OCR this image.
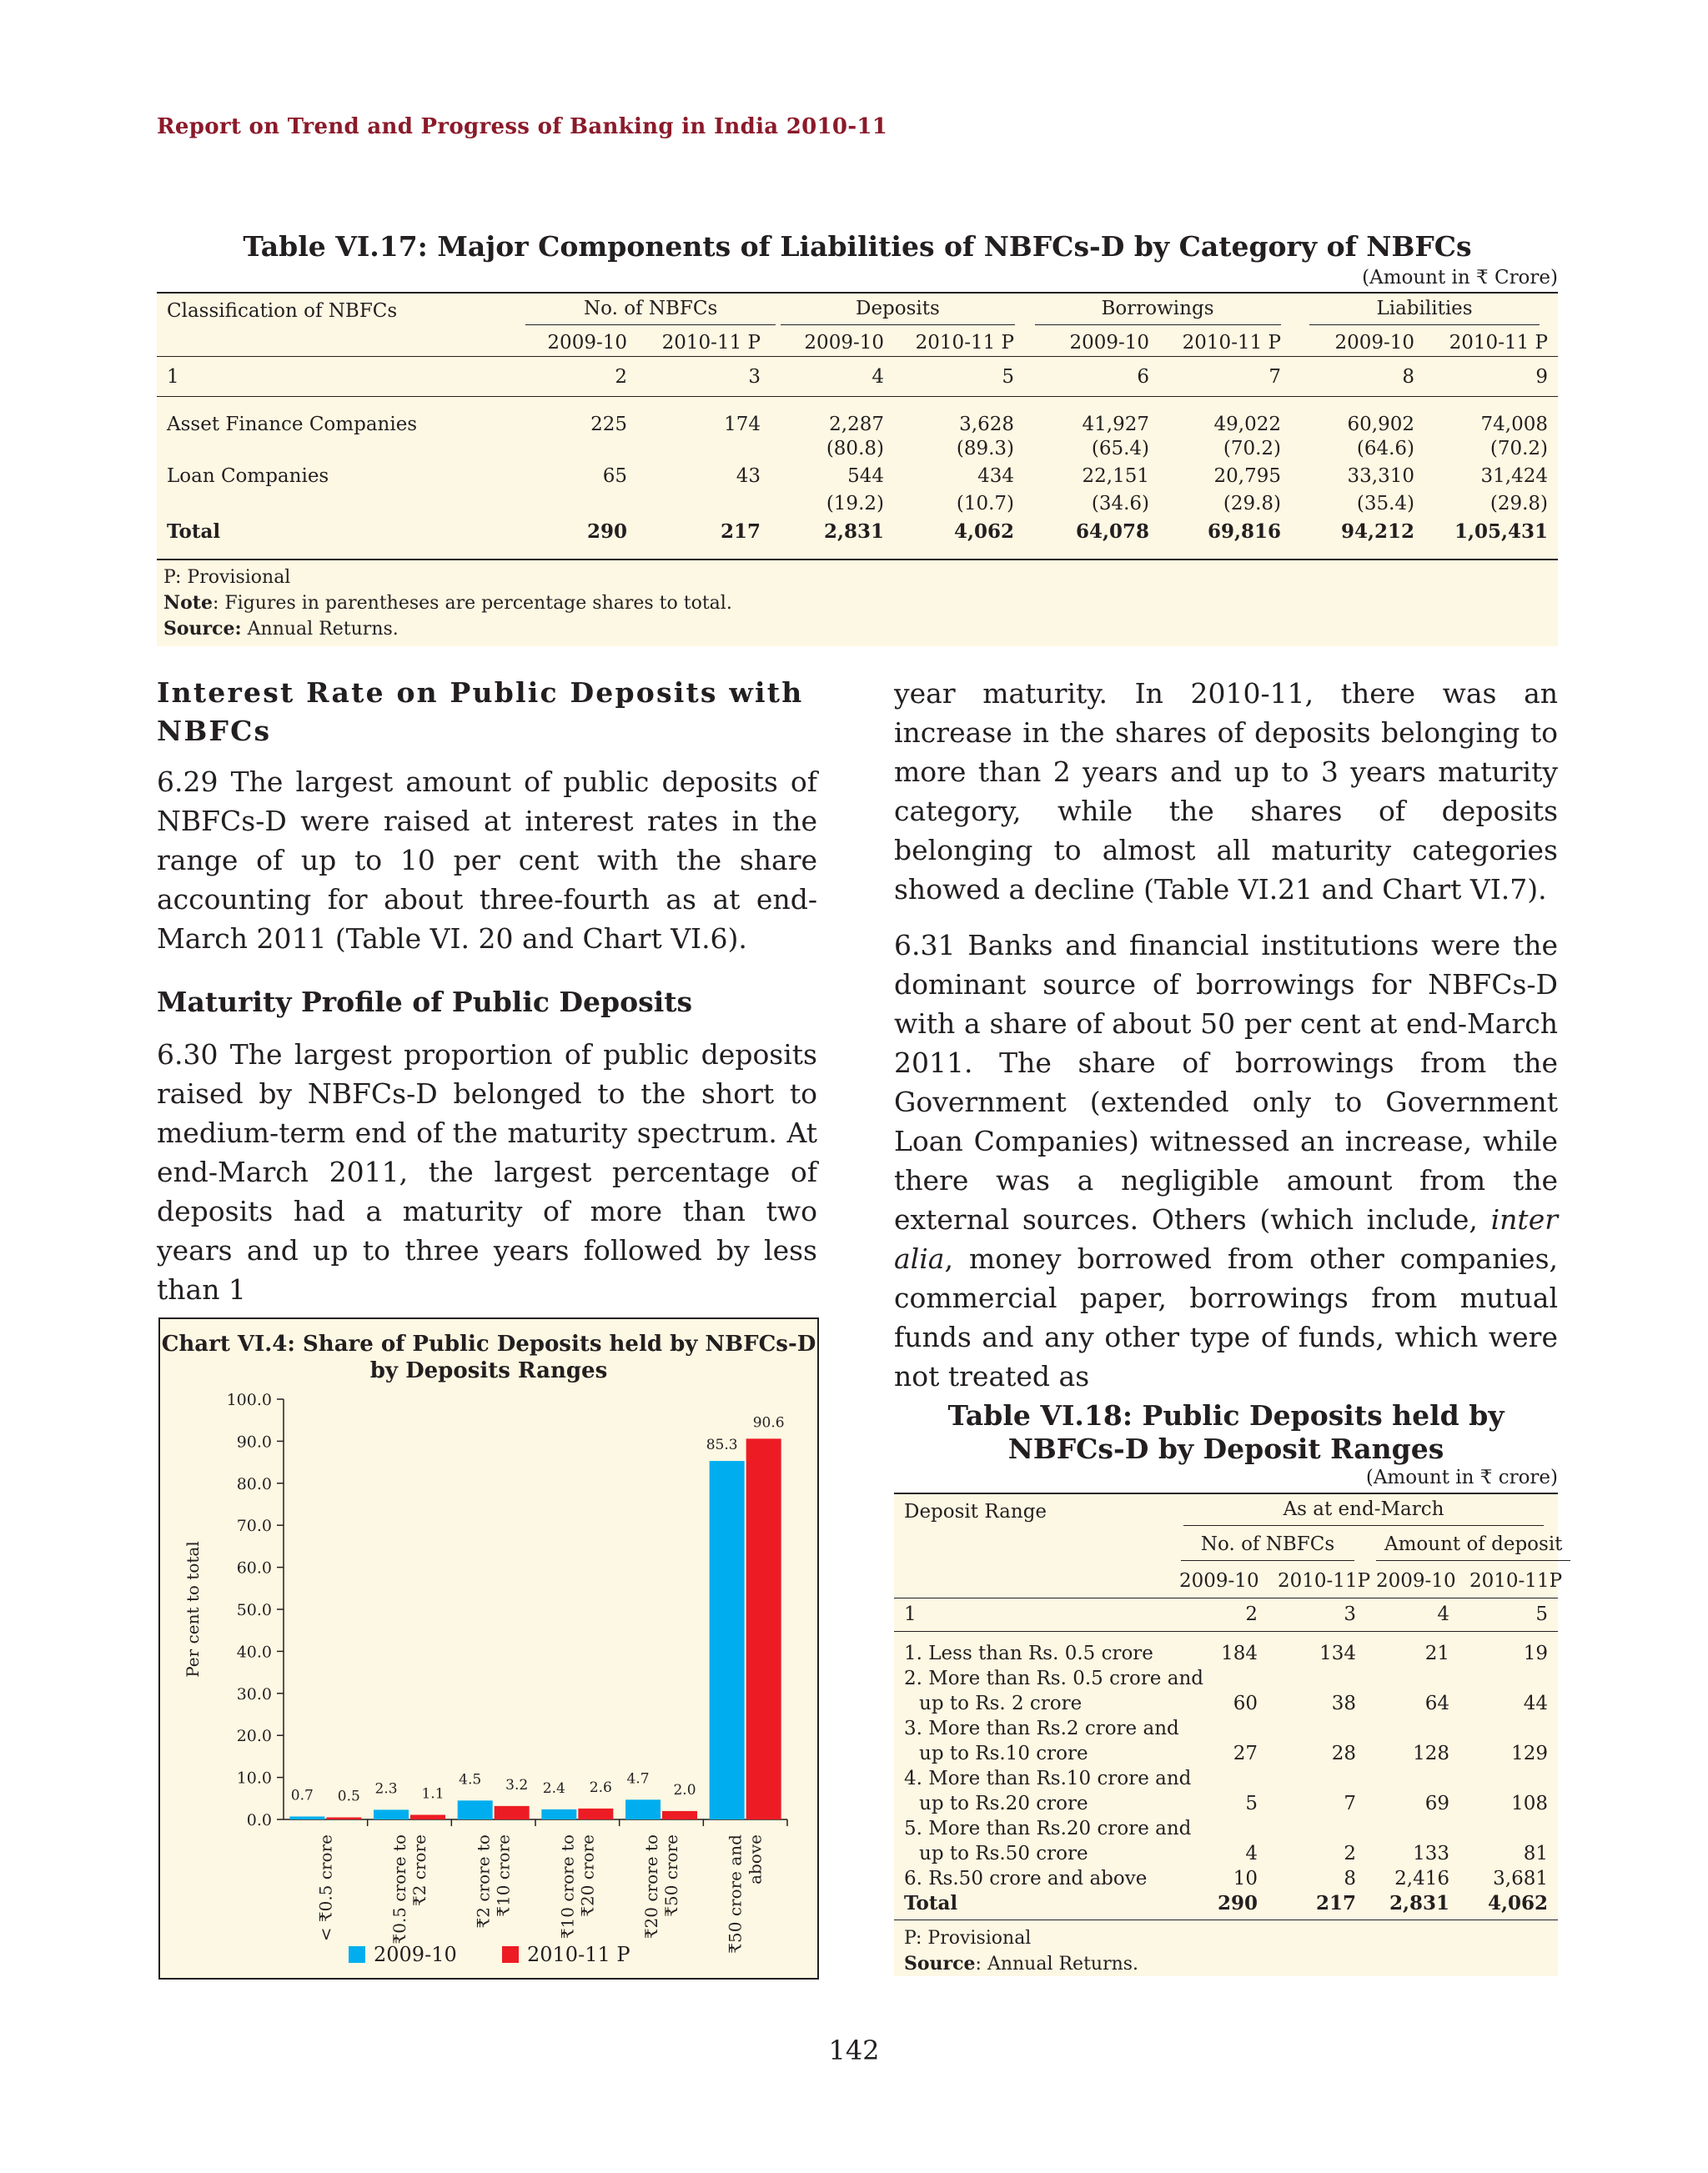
Report on Trend and Progress of Banking in India 2010-11
Table VI.17: Major Components of Liabilities of NBFCs-D by Category of NBFCs
(Amount in ₹ Crore)
Classification of NBFCs	No. of NBFCs		Deposits		Borrowings		Liabilities	
	2009-10	2010-11 P	2009-10	2010-11 P	2009-10	2010-11 P	2009-10	2010-11 P
1	2	3	4	5	6	7	8	9
Asset Finance Companies	225	174	2,287	3,628	41,927	49,022	60,902	74,008
			(80.8)	(89.3)	(65.4)	(70.2)	(64.6)	(70.2)
Loan Companies	65	43	544	434	22,151	20,795	33,310	31,424
			(19.2)	(10.7)	(34.6)	(29.8)	(35.4)	(29.8)
Total	290	217	2,831	4,062	64,078	69,816	94,212	1,05,431
P: Provisional
Note: Figures in parentheses are percentage shares to total.
Source: Annual Returns.
Interest Rate on Public Deposits with NBFCs

6.29 The largest amount of public deposits of NBFCs-D were raised at interest rates in the range of up to 10 per cent with the share accounting for about three-fourth as at end-March 2011 (Table VI. 20 and Chart VI.6).

Maturity Profile of Public Deposits

6.30 The largest proportion of public deposits raised by NBFCs-D belonged to the short to medium-term end of the maturity spectrum. At end-March 2011, the largest percentage of deposits had a maturity of more than two years and up to three years followed by less than 1

year maturity. In 2010-11, there was an increase in the shares of deposits belonging to more than 2 years and up to 3 years maturity category, while the shares of deposits belonging to almost all maturity categories showed a decline (Table VI.21 and Chart VI.7).

6.31 Banks and financial institutions were the dominant source of borrowings for NBFCs-D with a share of about 50 per cent at end-March 2011. The share of borrowings from the Government (extended only to Government Loan Companies) witnessed an increase, while there was a negligible amount from the external sources. Others (which include, inter alia, money borrowed from other companies, commercial paper, borrowings from mutual funds and any other type of funds, which were not treated as

Chart VI.4: Share of Public Deposits held by NBFCs-D by Deposits Ranges
0.0
10.0
20.0
30.0
40.0
50.0
60.0
70.0
80.0
90.0
100.0
Per cent to total
0.7 0.5
< ₹0.5 crore
2.3 1.1
₹0.5 crore to ₹2 crore
4.5 3.2
₹2 crore to ₹10 crore
2.4 2.6
₹10 crore to ₹20 crore
4.7
2.0
₹20 crore to ₹50 crore
85.3
90.6
₹50 crore and above
2009-10	2010-11 P
Table VI.18: Public Deposits held by NBFCs-D by Deposit Ranges
(Amount in ₹ crore)
Deposit Range	As at end-March			
	No. of NBFCs		Amount of deposit	
	2009-10	2010-11P	2009-10	2010-11P
1	2	3	4	5
1. Less than Rs. 0.5 crore	184	134	21	19
2. More than Rs. 0.5 crore and				
up to Rs. 2 crore	60	38	64	44
3. More than Rs.2 crore and				
up to Rs.10 crore	27	28	128	129
4. More than Rs.10 crore and				
up to Rs.20 crore	5	7	69	108
5. More than Rs.20 crore and				
up to Rs.50 crore	4	2	133	81
6. Rs.50 crore and above	10	8	2,416	3,681
Total	290	217	2,831	4,062
P: Provisional
Source: Annual Returns.
142
